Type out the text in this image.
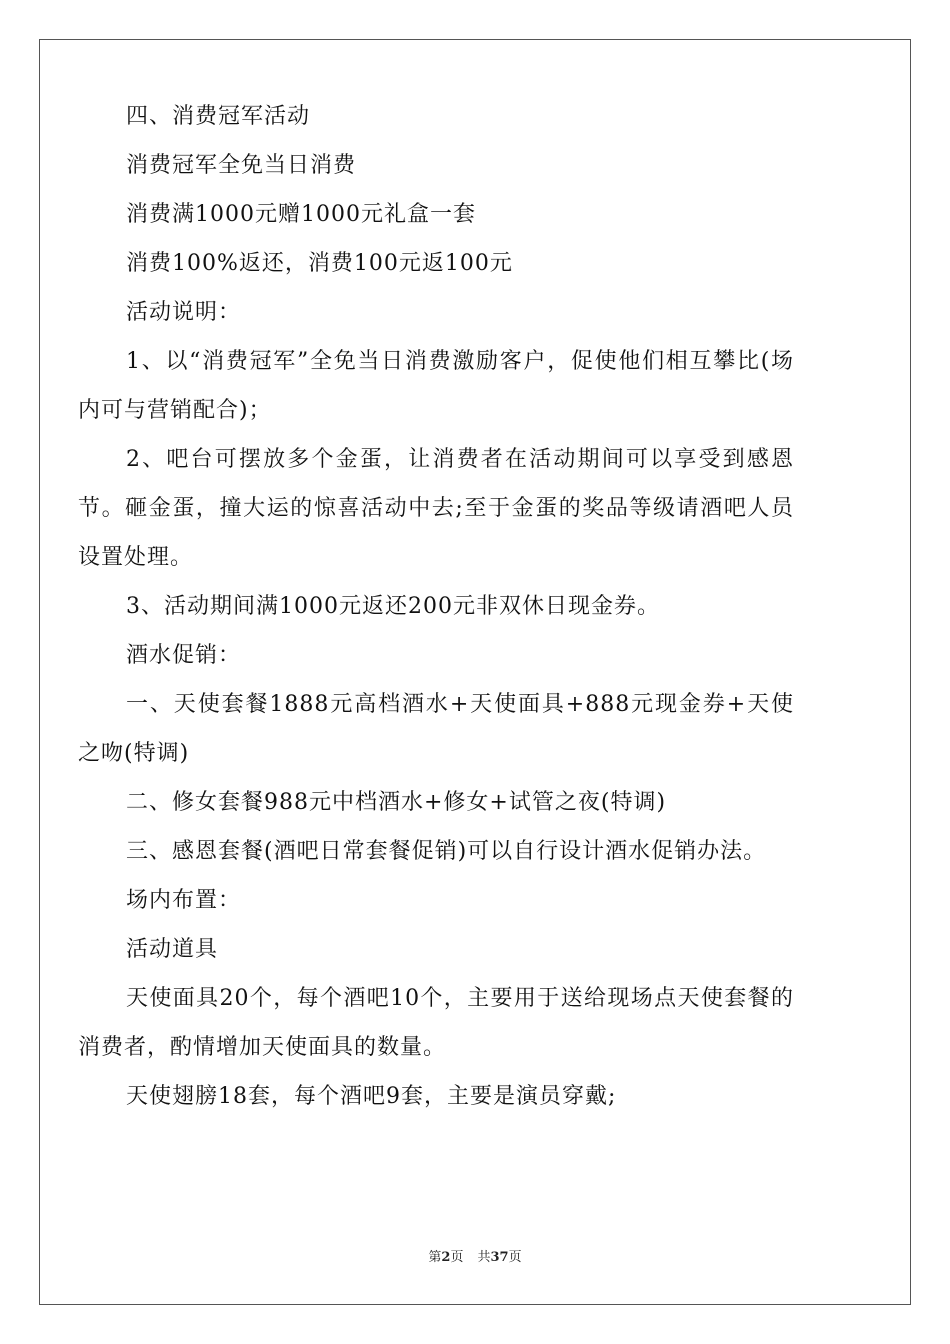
四、消费冠军活动

消费冠军全免当日消费

消费满1000元赠1000元礼盒一套

消费100%返还，消费100元返100元

活动说明：

1、以“消费冠军”全免当日消费激励客户，促使他们相互攀比(场内可与营销配合)；

2、吧台可摆放多个金蛋，让消费者在活动期间可以享受到感恩节。砸金蛋，撞大运的惊喜活动中去;至于金蛋的奖品等级请酒吧人员设置处理。

3、活动期间满1000元返还200元非双休日现金券。

酒水促销：

一、天使套餐1888元高档酒水+天使面具+888元现金券+天使之吻(特调)

二、修女套餐988元中档酒水+修女+试管之夜(特调)

三、感恩套餐(酒吧日常套餐促销)可以自行设计酒水促销办法。

场内布置：

活动道具

天使面具20个，每个酒吧10个，主要用于送给现场点天使套餐的消费者，酌情增加天使面具的数量。

天使翅膀18套，每个酒吧9套，主要是演员穿戴;

第2页 共37页
